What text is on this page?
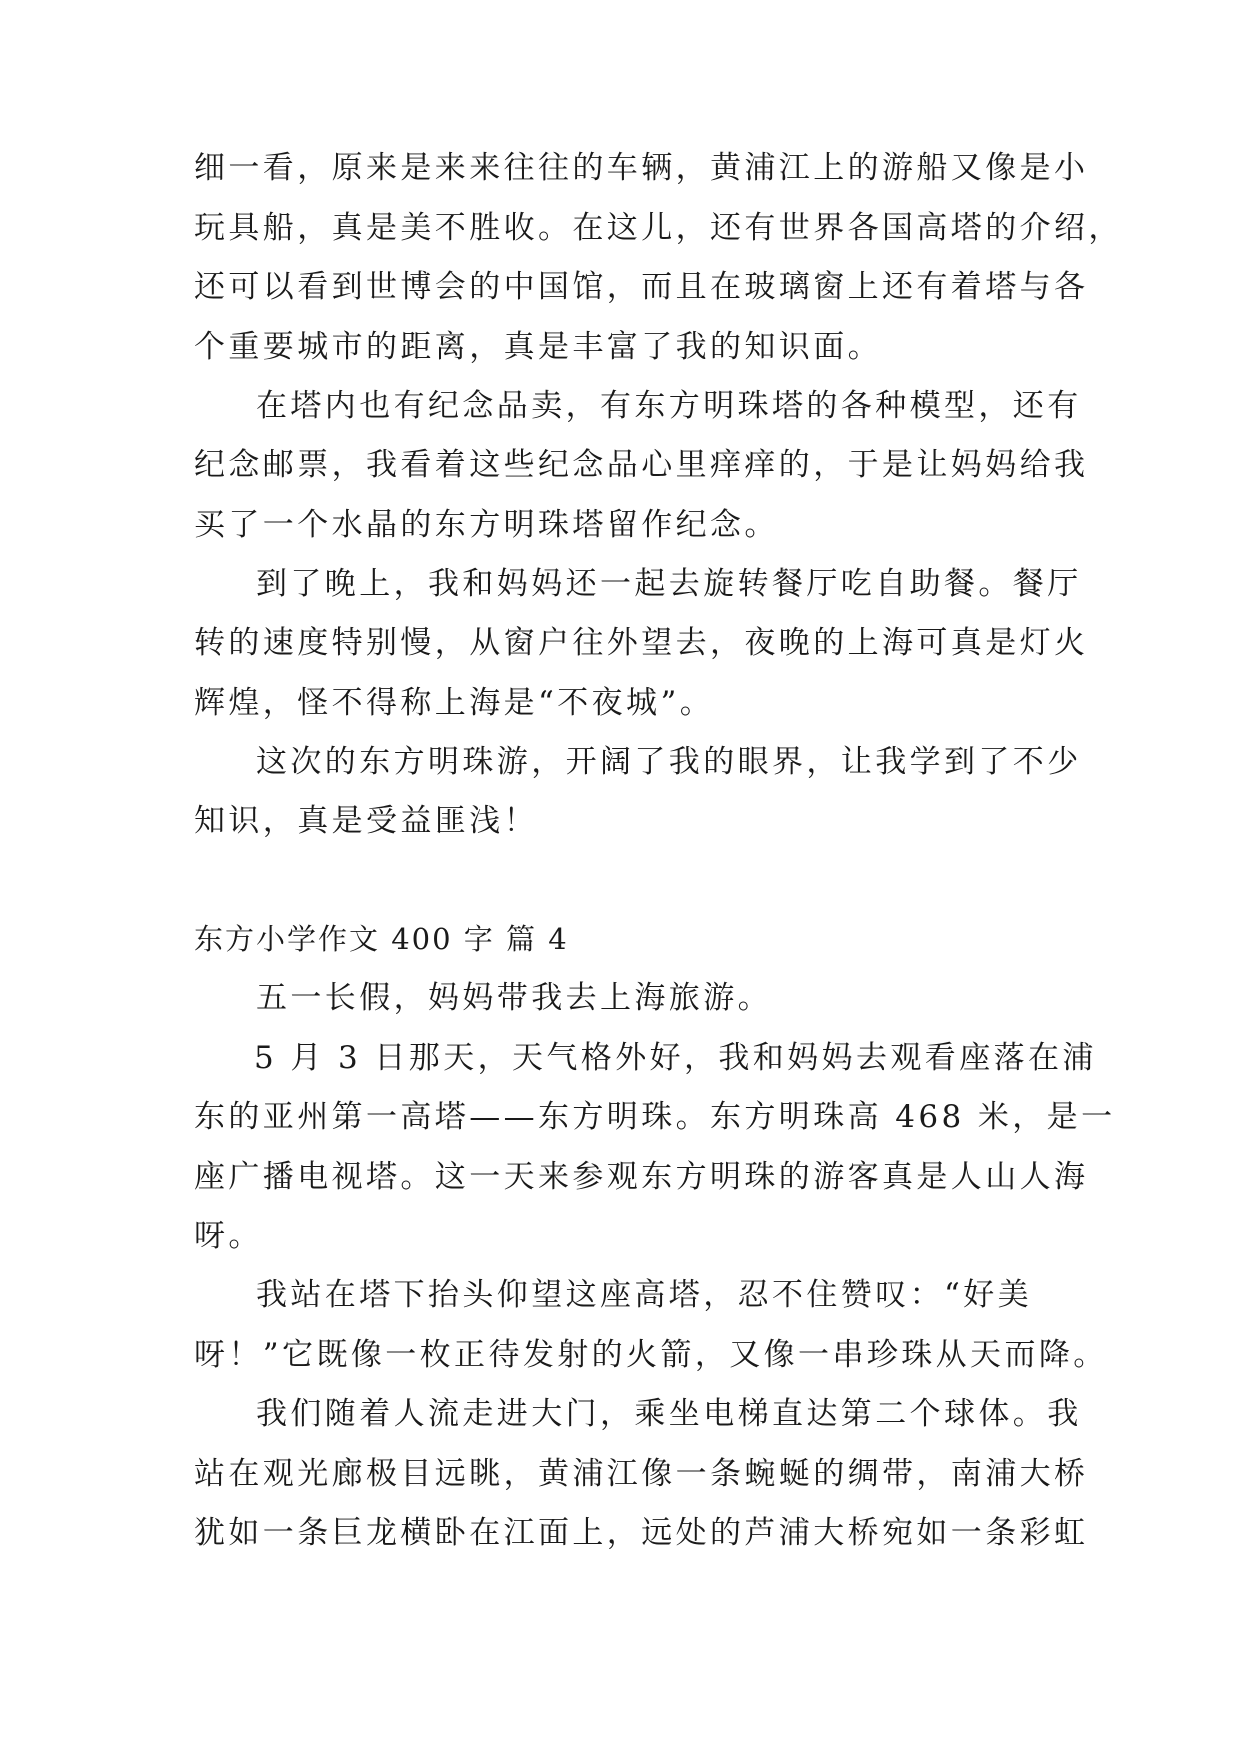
细一看，原来是来来往往的车辆，黄浦江上的游船又像是小
玩具船，真是美不胜收。在这儿，还有世界各国高塔的介绍，
还可以看到世博会的中国馆，而且在玻璃窗上还有着塔与各
个重要城市的距离，真是丰富了我的知识面。
在塔内也有纪念品卖，有东方明珠塔的各种模型，还有
纪念邮票，我看着这些纪念品心里痒痒的，于是让妈妈给我
买了一个水晶的东方明珠塔留作纪念。
到了晚上，我和妈妈还一起去旋转餐厅吃自助餐。餐厅
转的速度特别慢，从窗户往外望去，夜晚的上海可真是灯火
辉煌，怪不得称上海是“不夜城”。
这次的东方明珠游，开阔了我的眼界，让我学到了不少
知识，真是受益匪浅！
东方小学作文 400 字 篇 4
五一长假，妈妈带我去上海旅游。
5 月 3 日那天，天气格外好，我和妈妈去观看座落在浦
东的亚州第一高塔——东方明珠。东方明珠高 468 米，是一
座广播电视塔。这一天来参观东方明珠的游客真是人山人海
呀。
我站在塔下抬头仰望这座高塔，忍不住赞叹：“好美
呀！”它既像一枚正待发射的火箭，又像一串珍珠从天而降。
我们随着人流走进大门，乘坐电梯直达第二个球体。我
站在观光廊极目远眺，黄浦江像一条蜿蜒的绸带，南浦大桥
犹如一条巨龙横卧在江面上，远处的芦浦大桥宛如一条彩虹
